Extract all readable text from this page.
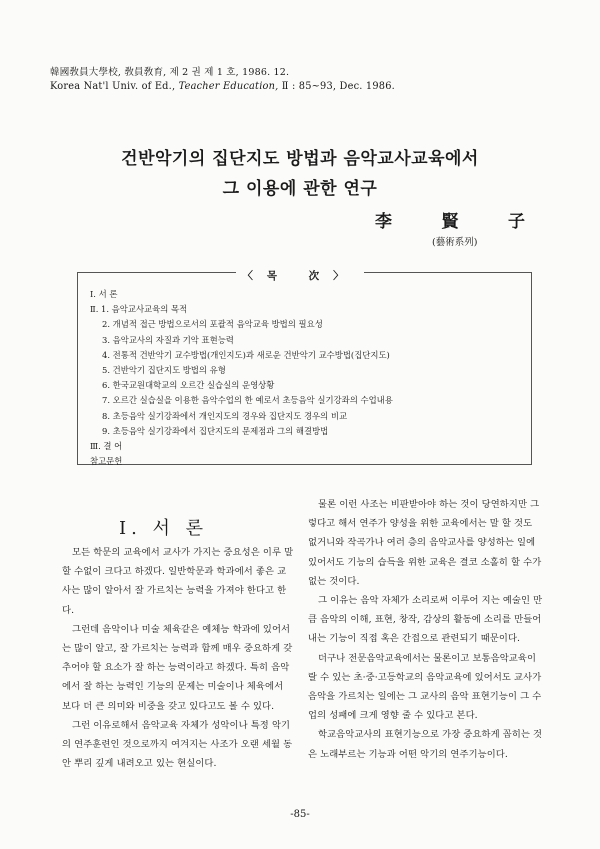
韓國敎員大學校, 敎員敎育, 제 2 권 제 1 호, 1986. 12.
Korea Nat'l Univ. of Ed., Teacher Education, Ⅱ : 85~93, Dec. 1986.
건반악기의 집단지도 방법과 음악교사교육에서
그 이용에 관한 연구
李	賢	子
(藝術系列)
〈목 次〉
Ⅰ. 서 론
Ⅱ. 1. 음악교사교육의 목적
2. 개념적 접근 방법으로서의 포괄적 음악교육 방법의 필요성
3. 음악교사의 자질과 기악 표현능력
4. 전통적 건반악기 교수방법(개인지도)과 새로운 건반악기 교수방법(집단지도)
5. 건반악기 집단지도 방법의 유형
6. 한국교원대학교의 오르간 실습실의 운영상황
7. 오르간 실습실을 이용한 음악수업의 한 예로서 초등음악 실기강좌의 수업내용
8. 초등음악 실기강좌에서 개인지도의 경우와 집단지도 경우의 비교
9. 초등음악 실기강좌에서 집단지도의 문제점과 그의 해결방법
Ⅲ. 결 어
참고문헌
Ⅰ. 서 론

모든 학문의 교육에서 교사가 가지는 중요성은 이루 말 할 수없이 크다고 하겠다. 일반학문과 학과에서 좋은 교사는 많이 알아서 잘 가르치는 능력을 가져야 한다고 한다.

그런데 음악이나 미술 체육같은 예체능 학과에 있어서는 많이 알고, 잘 가르치는 능력과 함께 매우 중요하게 갖추어야 할 요소가 잘 하는 능력이라고 하겠다. 특히 음악에서 잘 하는 능력인 기능의 문제는 미술이나 체육에서 보다 더 큰 의미와 비중을 갖고 있다고도 볼 수 있다.

그런 이유로해서 음악교육 자체가 성악이나 특정 악기의 연주훈련인 것으로까지 여겨지는 사조가 오랜 세월 동안 뿌리 깊게 내려오고 있는 현실이다.

물론 이런 사조는 비판받아야 하는 것이 당연하지만 그렇다고 해서 연주가 양성을 위한 교육에서는 말 할 것도 없거니와 작곡가나 여러 층의 음악교사를 양성하는 일에 있어서도 기능의 습득을 위한 교육은 결코 소홀히 할 수가 없는 것이다.

그 이유는 음악 자체가 소리로써 이루어 지는 예술인 만큼 음악의 이해, 표현, 창작, 감상의 활동에 소리를 만들어 내는 기능이 직접 혹은 간접으로 관련되기 때문이다.

더구나 전문음악교육에서는 물론이고 보통음악교육이랄 수 있는 초·중·고등학교의 음악교육에 있어서도 교사가 음악을 가르치는 일에는 그 교사의 음악 표현기능이 그 수업의 성패에 크게 영향 줄 수 있다고 본다.

학교음악교사의 표현기능으로 가장 중요하게 꼽히는 것은 노래부르는 기능과 어떤 악기의 연주기능이다.

-85-
